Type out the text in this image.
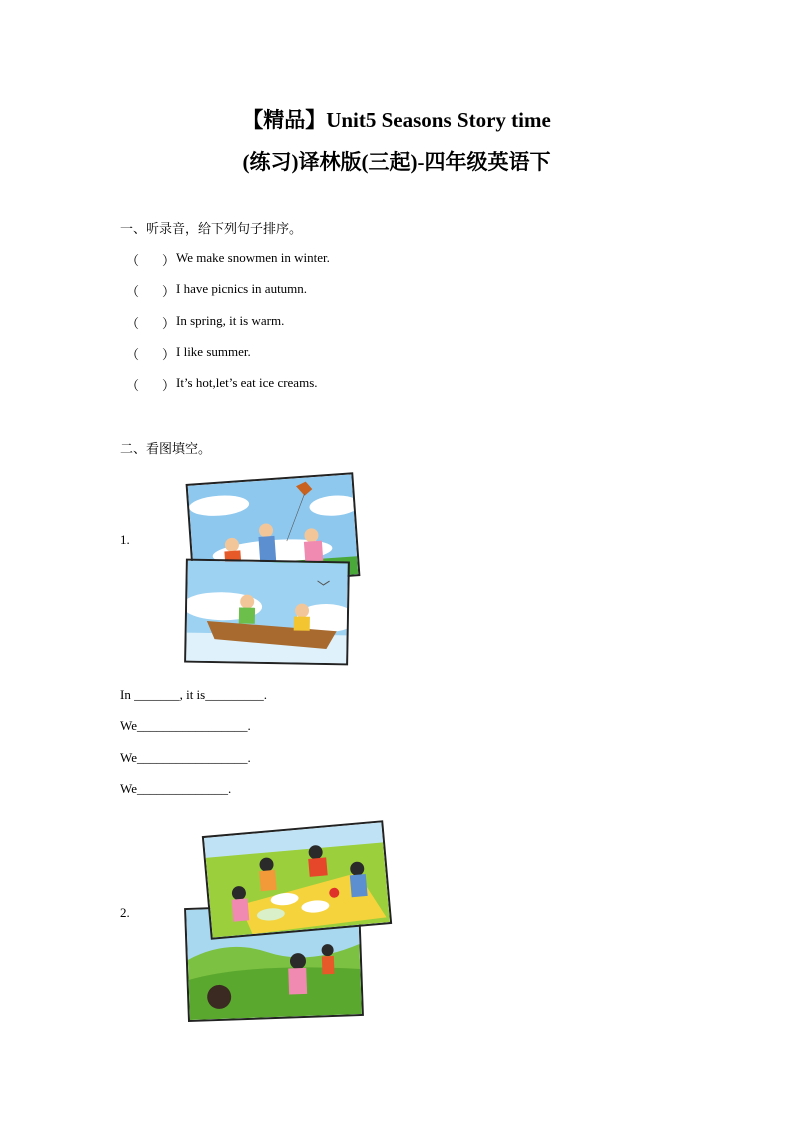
【精品】Unit5 Seasons Story time
(练习)译林版(三起)-四年级英语下
一、听录音，给下列句子排序。
（	） We make snowmen in winter.
（	） I have picnics in autumn.
（	） In spring, it is warm.
（	） I like summer.
（	） It’s hot,let’s eat ice creams.
二、看图填空。
1.
In _______, it is_________.
We_________________.
We_________________.
We______________.
2.
